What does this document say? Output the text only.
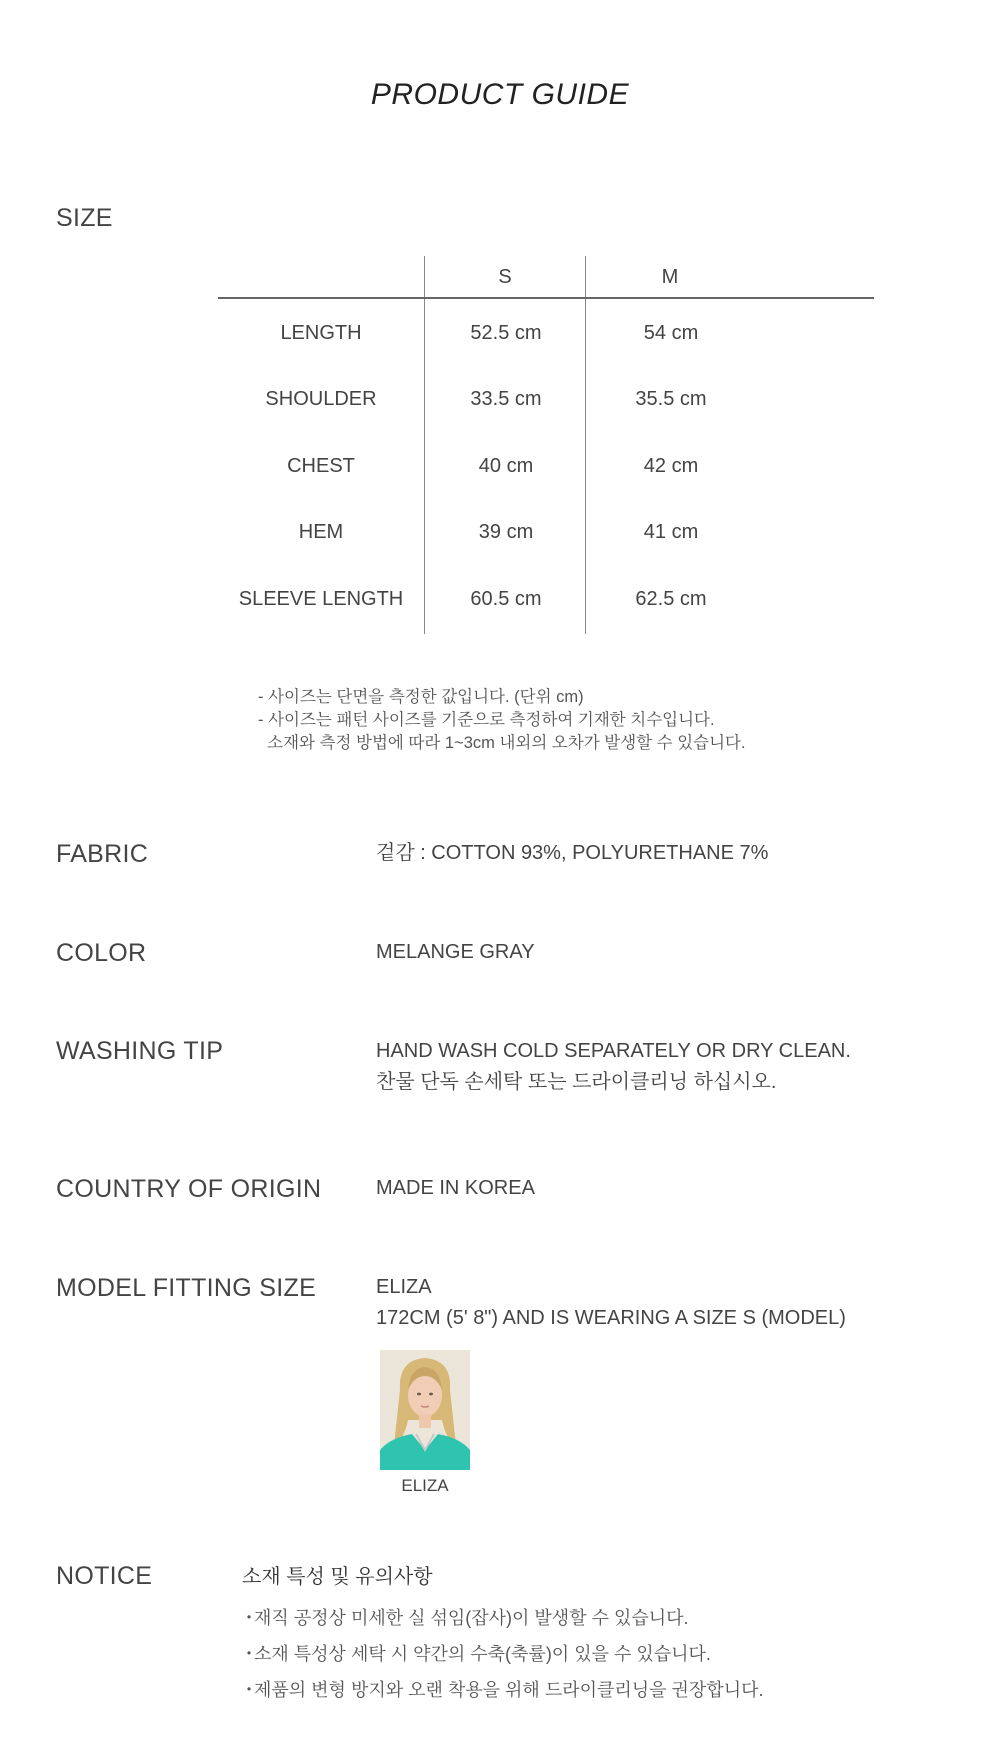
PRODUCT GUIDE
SIZE
S	M
LENGTH	52.5 cm	54 cm
SHOULDER	33.5 cm	35.5 cm
CHEST	40 cm	42 cm
HEM	39 cm	41 cm
SLEEVE LENGTH	60.5 cm	62.5 cm
- 사이즈는 단면을 측정한 값입니다. (단위 cm)
- 사이즈는 패턴 사이즈를 기준으로 측정하여 기재한 치수입니다.
소재와 측정 방법에 따라 1~3cm 내외의 오차가 발생할 수 있습니다.
FABRIC	겉감 : COTTON 93%, POLYURETHANE 7%
COLOR	MELANGE GRAY
WASHING TIP	HAND WASH COLD SEPARATELY OR DRY CLEAN.
찬물 단독 손세탁 또는 드라이클리닝 하십시오.
COUNTRY OF ORIGIN	MADE IN KOREA
MODEL FITTING SIZE	ELIZA
172CM (5' 8") AND IS WEARING A SIZE S (MODEL)
ELIZA
NOTICE	소재 특성 및 유의사항
・재직 공정상 미세한 실 섞임(잡사)이 발생할 수 있습니다.
・소재 특성상 세탁 시 약간의 수축(축률)이 있을 수 있습니다.
・제품의 변형 방지와 오랜 착용을 위해 드라이클리닝을 권장합니다.
